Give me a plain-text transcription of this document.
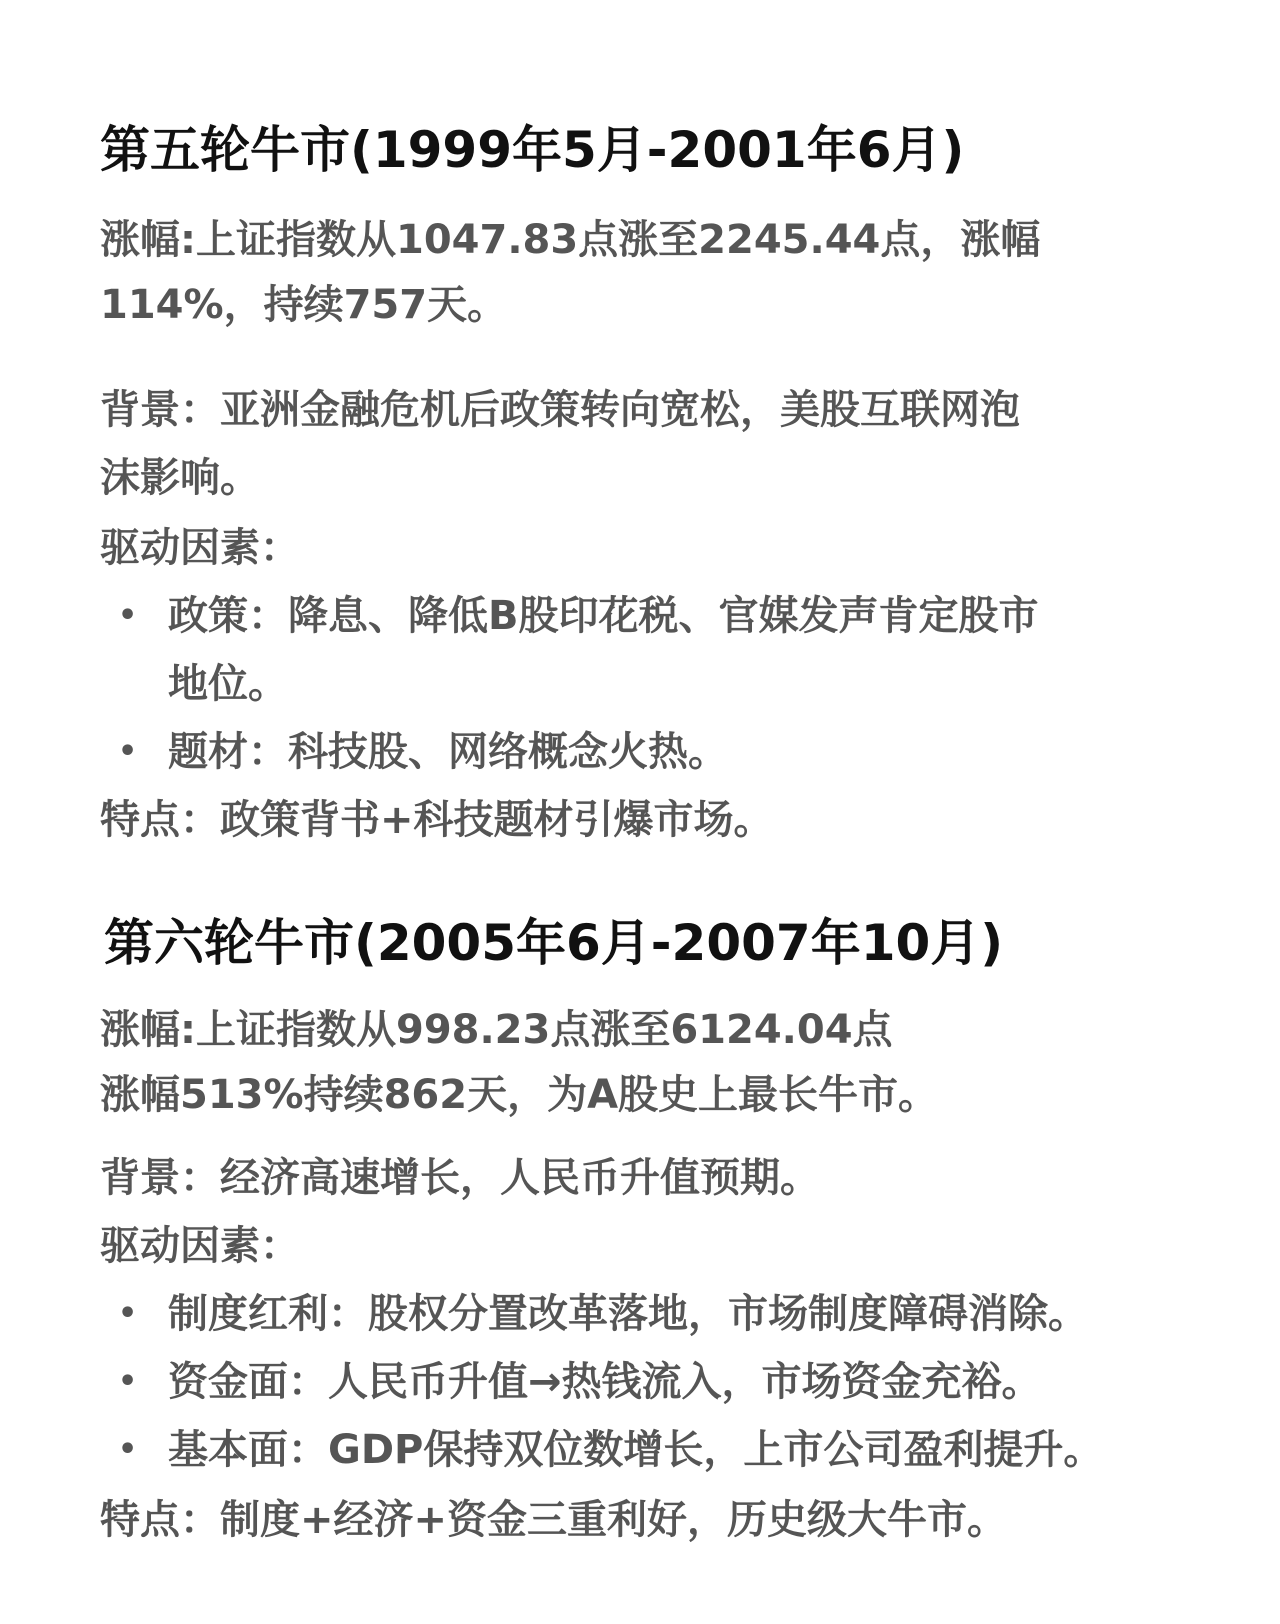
第五轮牛市(1999年5月-2001年6月)

涨幅:上证指数从1047.83点涨至2245.44点，涨幅

114%，持续757天。

背景：亚洲金融危机后政策转向宽松，美股互联网泡

沫影响。

驱动因素：

• 政策：降息、降低B股印花税、官媒发声肯定股市

地位。

• 题材：科技股、网络概念火热。

特点：政策背书+科技题材引爆市场。

第六轮牛市(2005年6月-2007年10月)

涨幅:上证指数从998.23点涨至6124.04点

涨幅513%持续862天，为A股史上最长牛市。

背景：经济高速增长，人民币升值预期。

驱动因素：

• 制度红利：股权分置改革落地，市场制度障碍消除。

• 资金面：人民币升值→热钱流入，市场资金充裕。

• 基本面：GDP保持双位数增长，上市公司盈利提升。

特点：制度+经济+资金三重利好，历史级大牛市。
